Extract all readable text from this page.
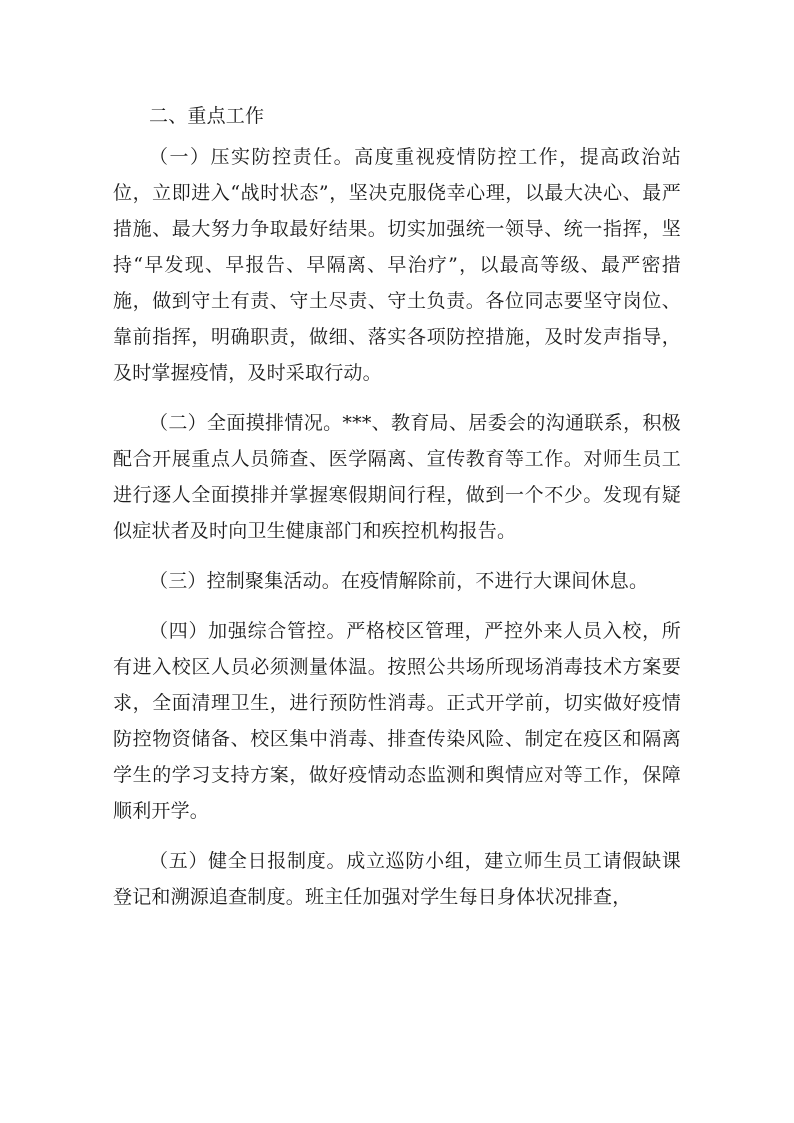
二、重点工作

（一）压实防控责任。高度重视疫情防控工作，提高政治站位，立即进入“战时状态”，坚决克服侥幸心理，以最大决心、最严措施、最大努力争取最好结果。切实加强统一领导、统一指挥，坚持“早发现、早报告、早隔离、早治疗”，以最高等级、最严密措施，做到守土有责、守土尽责、守土负责。各位同志要坚守岗位、靠前指挥，明确职责，做细、落实各项防控措施，及时发声指导，及时掌握疫情，及时采取行动。

（二）全面摸排情况。***、教育局、居委会的沟通联系，积极配合开展重点人员筛查、医学隔离、宣传教育等工作。对师生员工进行逐人全面摸排并掌握寒假期间行程，做到一个不少。发现有疑似症状者及时向卫生健康部门和疾控机构报告。

（三）控制聚集活动。在疫情解除前，不进行大课间休息。

（四）加强综合管控。严格校区管理，严控外来人员入校，所有进入校区人员必须测量体温。按照公共场所现场消毒技术方案要求，全面清理卫生，进行预防性消毒。正式开学前，切实做好疫情防控物资储备、校区集中消毒、排查传染风险、制定在疫区和隔离学生的学习支持方案，做好疫情动态监测和舆情应对等工作，保障顺利开学。

（五）健全日报制度。成立巡防小组，建立师生员工请假缺课登记和溯源追查制度。班主任加强对学生每日身体状况排查，
